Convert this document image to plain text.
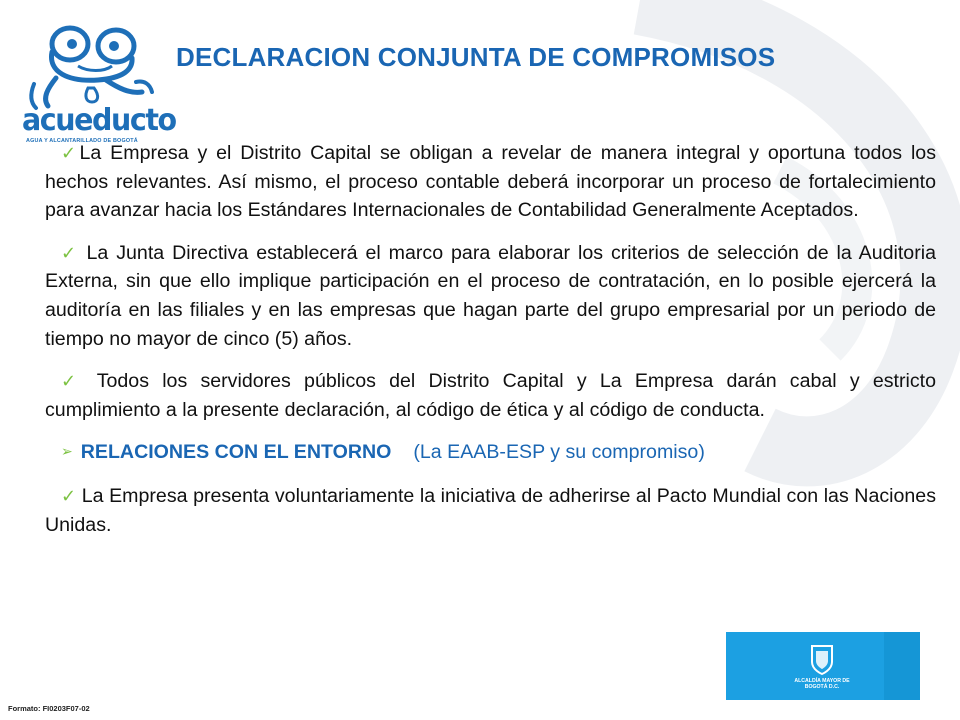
acueducto
AGUA Y ALCANTARILLADO DE BOGOTÁ
DECLARACION CONJUNTA DE COMPROMISOS

✓La Empresa y el Distrito Capital se obligan a revelar de manera integral y oportuna todos los hechos relevantes. Así mismo, el proceso contable deberá incorporar un proceso de fortalecimiento para avanzar hacia los Estándares Internacionales de Contabilidad Generalmente Aceptados.

✓ La Junta Directiva establecerá el marco para elaborar los criterios de selección de la Auditoria Externa, sin que ello implique participación en el proceso de contratación, en lo posible ejercerá la auditoría en las filiales y en las empresas que hagan parte del grupo empresarial por un periodo de tiempo no mayor de cinco (5) años.

✓ Todos los servidores públicos del Distrito Capital y La Empresa darán cabal y estricto cumplimiento a la presente declaración, al código de ética y al código de conducta.

➢ RELACIONES CON EL ENTORNO (La EAAB-ESP y su compromiso)

✓ La Empresa presenta voluntariamente la iniciativa de adherirse al Pacto Mundial con las Naciones Unidas.

Formato: FI0203F07-02
ALCALDÍA MAYOR DE BOGOTÁ D.C.
